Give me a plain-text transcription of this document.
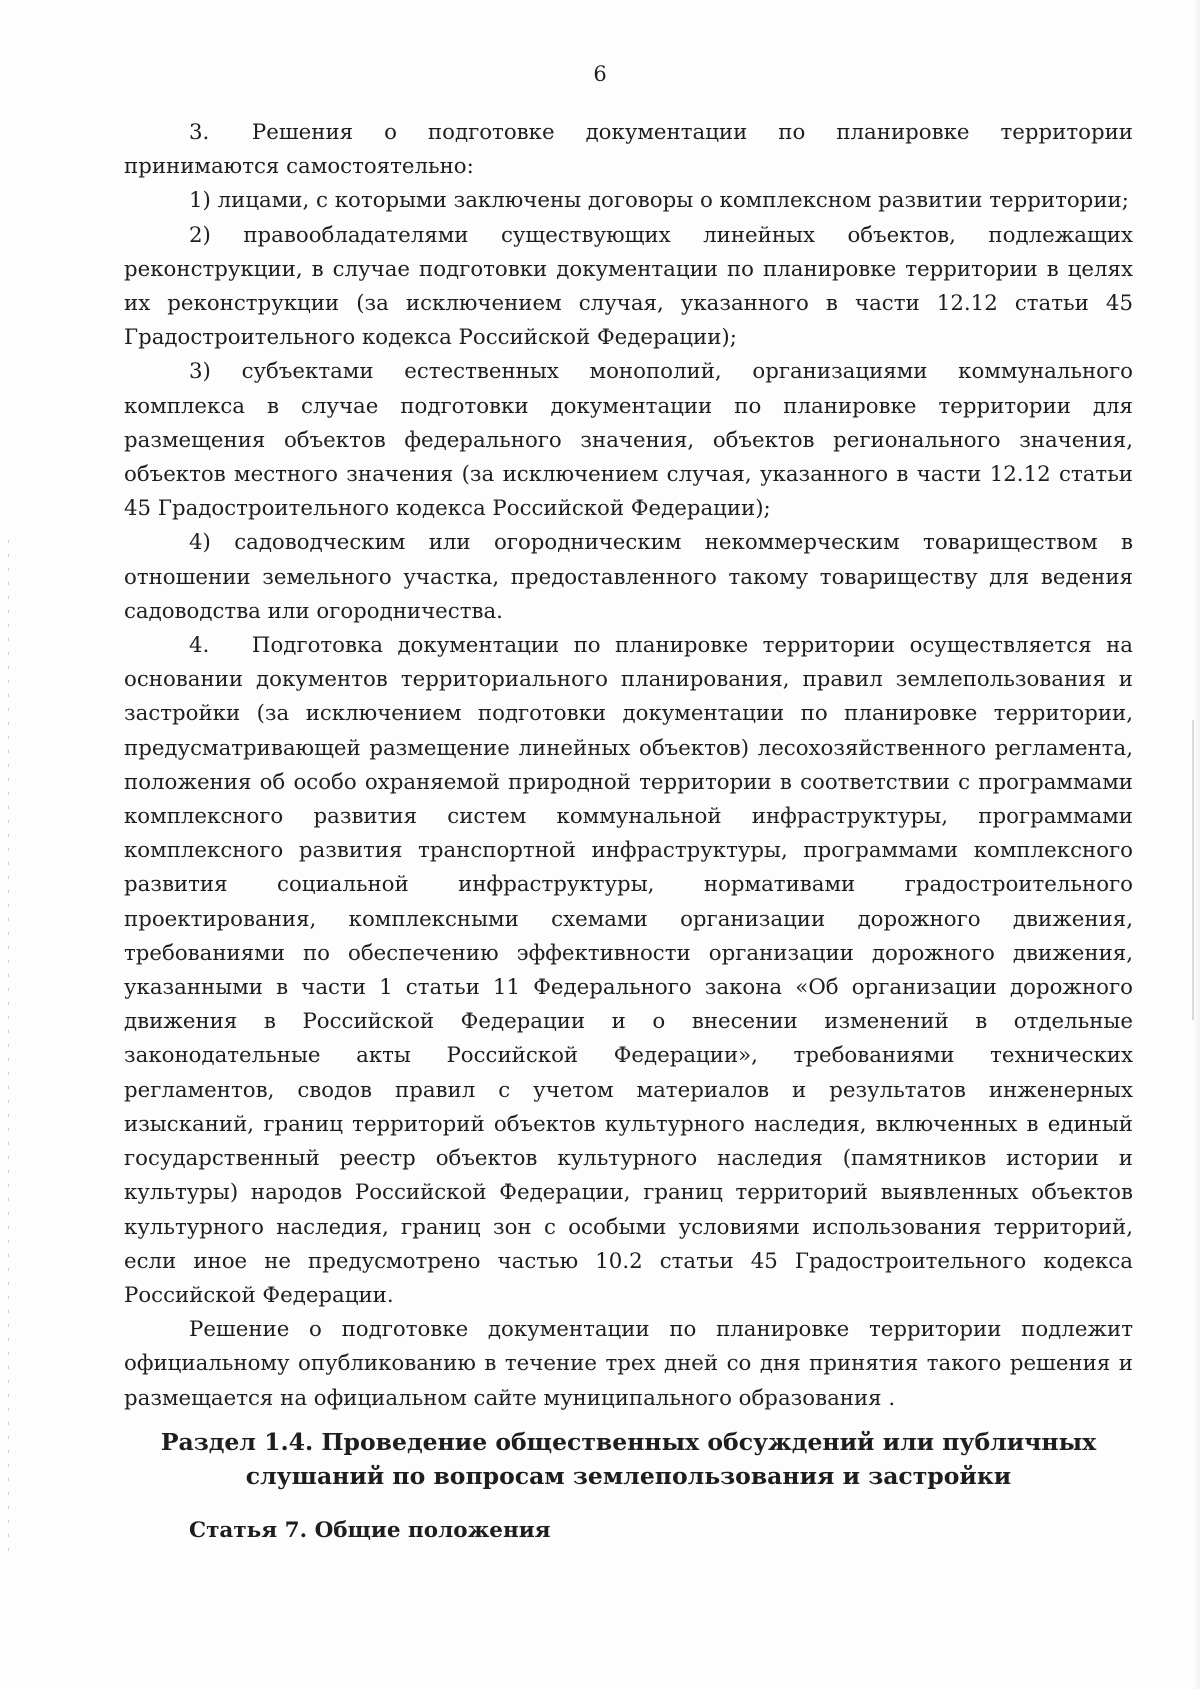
6

3.  Решения о подготовке документации по планировке территории принимаются самостоятельно:

1) лицами, с которыми заключены договоры о комплексном развитии территории;

2) правообладателями существующих линейных объектов, подлежащих реконструкции, в случае подготовки документации по планировке территории в целях их реконструкции (за исключением случая, указанного в части 12.12 статьи 45 Градостроительного кодекса Российской Федерации);

3) субъектами естественных монополий, организациями коммунального комплекса в случае подготовки документации по планировке территории для размещения объектов федерального значения, объектов регионального значения, объектов местного значения (за исключением случая, указанного в части 12.12 статьи 45 Градостроительного кодекса Российской Федерации);

4) садоводческим или огородническим некоммерческим товариществом в отношении земельного участка, предоставленного такому товариществу для ведения садоводства или огородничества.

4.  Подготовка документации по планировке территории осуществляется на основании документов территориального планирования, правил землепользования и застройки (за исключением подготовки документации по планировке территории, предусматривающей размещение линейных объектов) лесохозяйственного регламента, положения об особо охраняемой природной территории в соответствии с программами комплексного развития систем коммунальной инфраструктуры, программами комплексного развития транспортной инфраструктуры, программами комплексного развития социальной инфраструктуры, нормативами градостроительного проектирования, комплексными схемами организации дорожного движения, требованиями по обеспечению эффективности организации дорожного движения, указанными в части 1 статьи 11 Федерального закона «Об организации дорожного движения в Российской Федерации и о внесении изменений в отдельные законодательные акты Российской Федерации», требованиями технических регламентов, сводов правил с учетом материалов и результатов инженерных изысканий, границ территорий объектов культурного наследия, включенных в единый государственный реестр объектов культурного наследия (памятников истории и культуры) народов Российской Федерации, границ территорий выявленных объектов культурного наследия, границ зон с особыми условиями использования территорий, если иное не предусмотрено частью 10.2 статьи 45 Градостроительного кодекса Российской Федерации.

Решение о подготовке документации по планировке территории подлежит официальному опубликованию в течение трех дней со дня принятия такого решения и размещается на официальном сайте муниципального образования .

Раздел 1.4. Проведение общественных обсуждений или публичных слушаний по вопросам землепользования и застройки
Статья 7. Общие положения
